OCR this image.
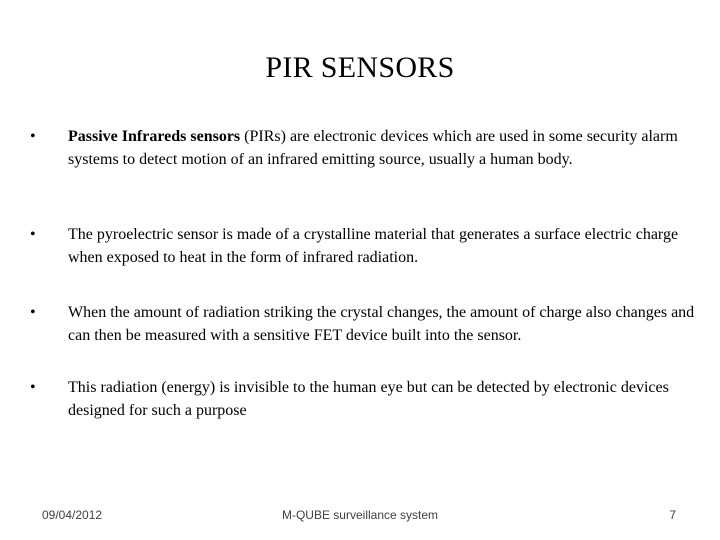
PIR SENSORS

•	Passive Infrareds sensors (PIRs) are electronic devices which are used in some security alarm systems to detect motion of an infrared emitting source, usually a human body.

•	The pyroelectric sensor is made of a crystalline material that generates a surface electric charge when exposed to heat in the form of infrared radiation.

•	When the amount of radiation striking the crystal changes, the amount of charge also changes and can then be measured with a sensitive FET device built into the sensor.

•	This radiation (energy) is invisible to the human eye but can be detected by electronic devices designed for such a purpose

09/04/2012	M-QUBE surveillance system	7
